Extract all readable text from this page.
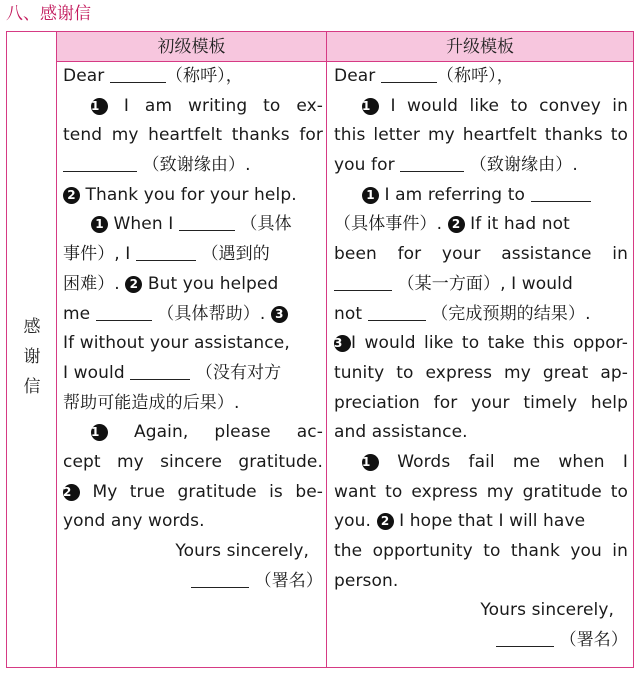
八、感谢信
感
谢
信
初级模板	升级模板
Dear	（称呼），
1 I am writing to ex-
tend my heartfelt thanks for
（致谢缘由）.
2 Thank you for your help.
1 When I	（具体
事件）, I	（遇到的
困难）. 2 But you helped
me	（具体帮助）. 3
If without your assistance,
I would	（没有对方
帮助可能造成的后果）.
1 Again, please ac-
cept my sincere gratitude.
2 My true gratitude is be-
yond any words.
Yours sincerely,
（署名）
Dear	（称呼），
1 I would like to convey in
this letter my heartfelt thanks to
you for	（致谢缘由）.
1 I am referring to
（具体事件）. 2 If it had not
been for your assistance in
（某一方面）, I would
not	（完成预期的结果）.
3 I would like to take this oppor-
tunity to express my great ap-
preciation for your timely help
and assistance.
1 Words fail me when I
want to express my gratitude to
you. 2 I hope that I will have
the opportunity to thank you in
person.
Yours sincerely,
（署名）
